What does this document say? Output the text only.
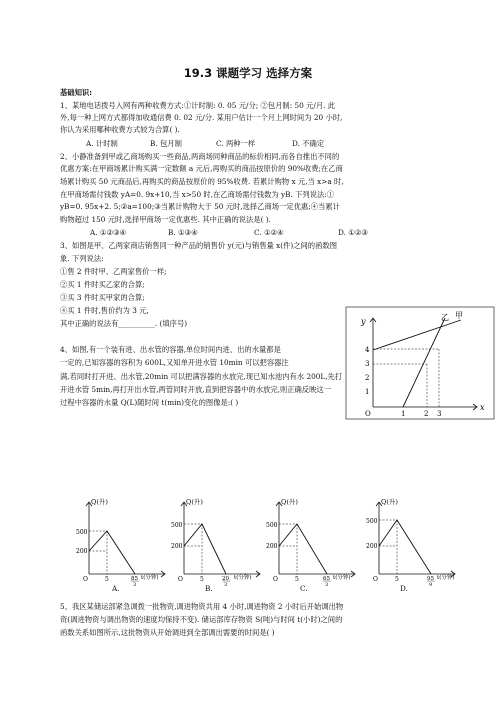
19.3 课题学习 选择方案
基础知识:
1、某地电话拨号入网有两种收费方式:①计时制: 0. 05 元/分; ②包月制: 50 元/月. 此
外,每一种上网方式都得加收通信费 0. 02 元/分. 某用户估计一个月上网时间为 20 小时,
你认为采用哪种收费方式较为合算( ).
A. 计时制	B. 包月制	C. 两种一样	D. 不确定
2、小静准备到甲或乙商场购买一些商品,两商场同种商品的标价相同,而各自推出不同的
优惠方案:在甲商场累计购买满一定数额 a 元后,再购买的商品按原价的 90%收费;在乙商
场累计购买 50 元商品后,再购买的商品按原价的 95%收费. 若累计购物 x 元,当 x>a 时,
在甲商场需付钱数 yA=0. 9x+10,当 x>50 时,在乙商场需付钱数为 yB. 下列说法:①
yB=0. 95x+2. 5;②a=100;③当累计购物大于 50 元时,选择乙商场一定优惠;④当累计
购物超过 150 元时,选择甲商场一定优惠些. 其中正确的说法是( ).
A. ①②③④	B. ①③④	C. ①②④	D. ①②③
3、如图是甲、乙两家商店销售同一种产品的销售价 y(元)与销售量 x(件)之间的函数图
象. 下列说法:
①售 2 件时甲、乙两家售价一样;
②买 1 件时买乙家的合算;
③买 3 件时买甲家的合算;
④买 1 件时,售价约为 3 元,
其中正确的说法有__________. (填序号)	y
x
O
乙 甲
1
2
3
4
1	2 3
4、如图,有一个装有进、出水管的容器,单位时间内进、出的水量都是
一定的,已知容器的容积为 600L,又知单开进水管 10min 可以把容器注
满,若同时打开进、出水管,20min 可以把满容器的水放完,现已知水池内有水 200L,先打
开进水管 5min,再打开出水管,两管同时开放,直到把容器中的水放完,则正确反映这一
过程中容器的水量 Q(L)随时间 t(min)变化的图像是:( )
Q(升)
500
200
O	5	85
3
t(分钟)
A.
Q(升)
500
200
O	5	20
3
t(分钟)
B.
Q(升)
500
200
O	5	65
3
t(分钟)
C.
Q(升)
500
200
O	5	95
9
t(分钟)
D.
5、我区某储运部紧急调拨一批物资,调进物资共用 4 小时,调进物资 2 小时后开始调出物
资(调进物资与调出物资的速度均保持不变). 储运部库存物资 S(吨)与时间 t(小时)之间的
函数关系如图所示,这批物资从开始调进到全部调出需要的时间是( )
